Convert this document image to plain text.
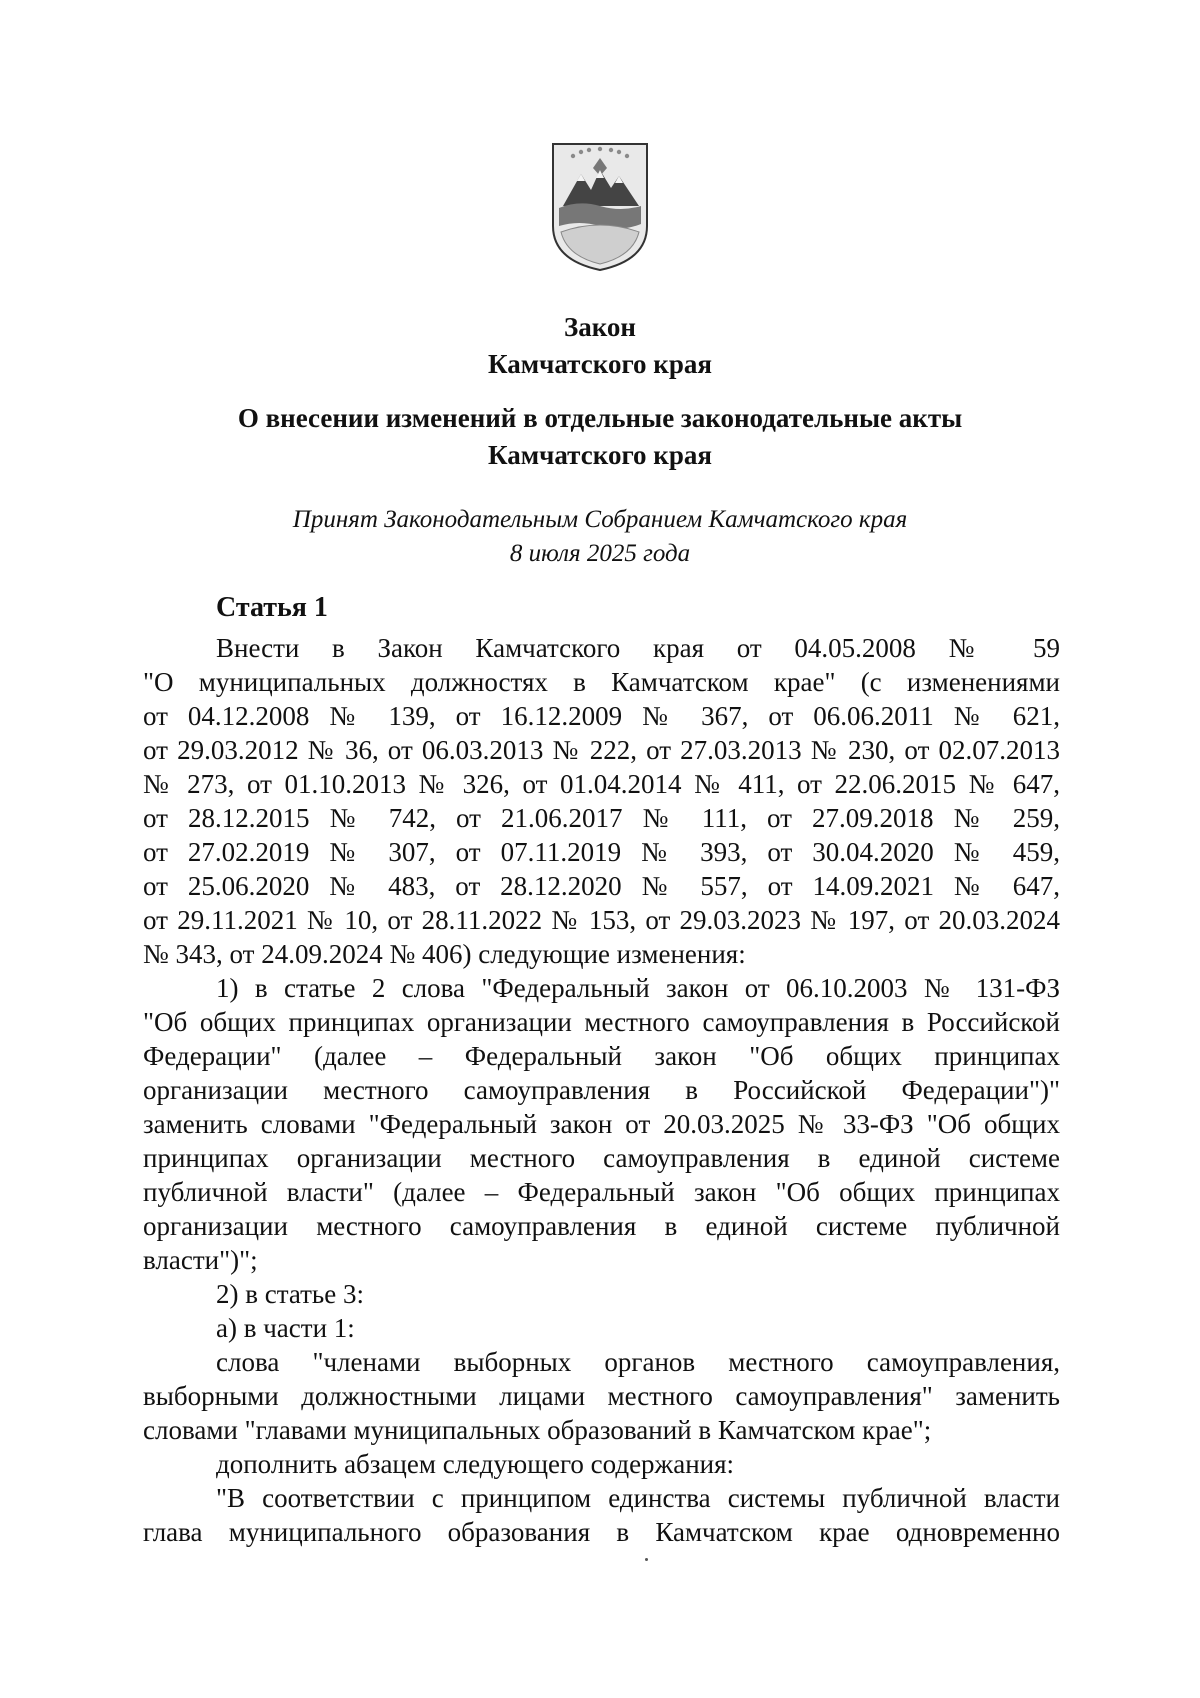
Закон
Камчатского края
О внесении изменений в отдельные законодательные акты
Камчатского края
Принят Законодательным Собранием Камчатского края
8 июля 2025 года
Статья 1
Внести в Закон Камчатского края от 04.05.2008 № 59
"О муниципальных должностях в Камчатском крае" (с изменениями
от 04.12.2008 № 139, от 16.12.2009 № 367, от 06.06.2011 № 621,
от 29.03.2012 № 36, от 06.03.2013 № 222, от 27.03.2013 № 230, от 02.07.2013
№ 273, от 01.10.2013 № 326, от 01.04.2014 № 411, от 22.06.2015 № 647,
от 28.12.2015 № 742, от 21.06.2017 № 111, от 27.09.2018 № 259,
от 27.02.2019 № 307, от 07.11.2019 № 393, от 30.04.2020 № 459,
от 25.06.2020 № 483, от 28.12.2020 № 557, от 14.09.2021 № 647,
от 29.11.2021 № 10, от 28.11.2022 № 153, от 29.03.2023 № 197, от 20.03.2024
№ 343, от 24.09.2024 № 406) следующие изменения:
1) в статье 2 слова "Федеральный закон от 06.10.2003 № 131-ФЗ
"Об общих принципах организации местного самоуправления в Российской
Федерации" (далее – Федеральный закон "Об общих принципах
организации местного самоуправления в Российской Федерации")"
заменить словами "Федеральный закон от 20.03.2025 № 33-ФЗ "Об общих
принципах организации местного самоуправления в единой системе
публичной власти" (далее – Федеральный закон "Об общих принципах
организации местного самоуправления в единой системе публичной
власти")";
2) в статье 3:
а) в части 1:
слова "членами выборных органов местного самоуправления,
выборными должностными лицами местного самоуправления" заменить
словами "главами муниципальных образований в Камчатском крае";
дополнить абзацем следующего содержания:
"В соответствии с принципом единства системы публичной власти
глава муниципального образования в Камчатском крае одновременно
